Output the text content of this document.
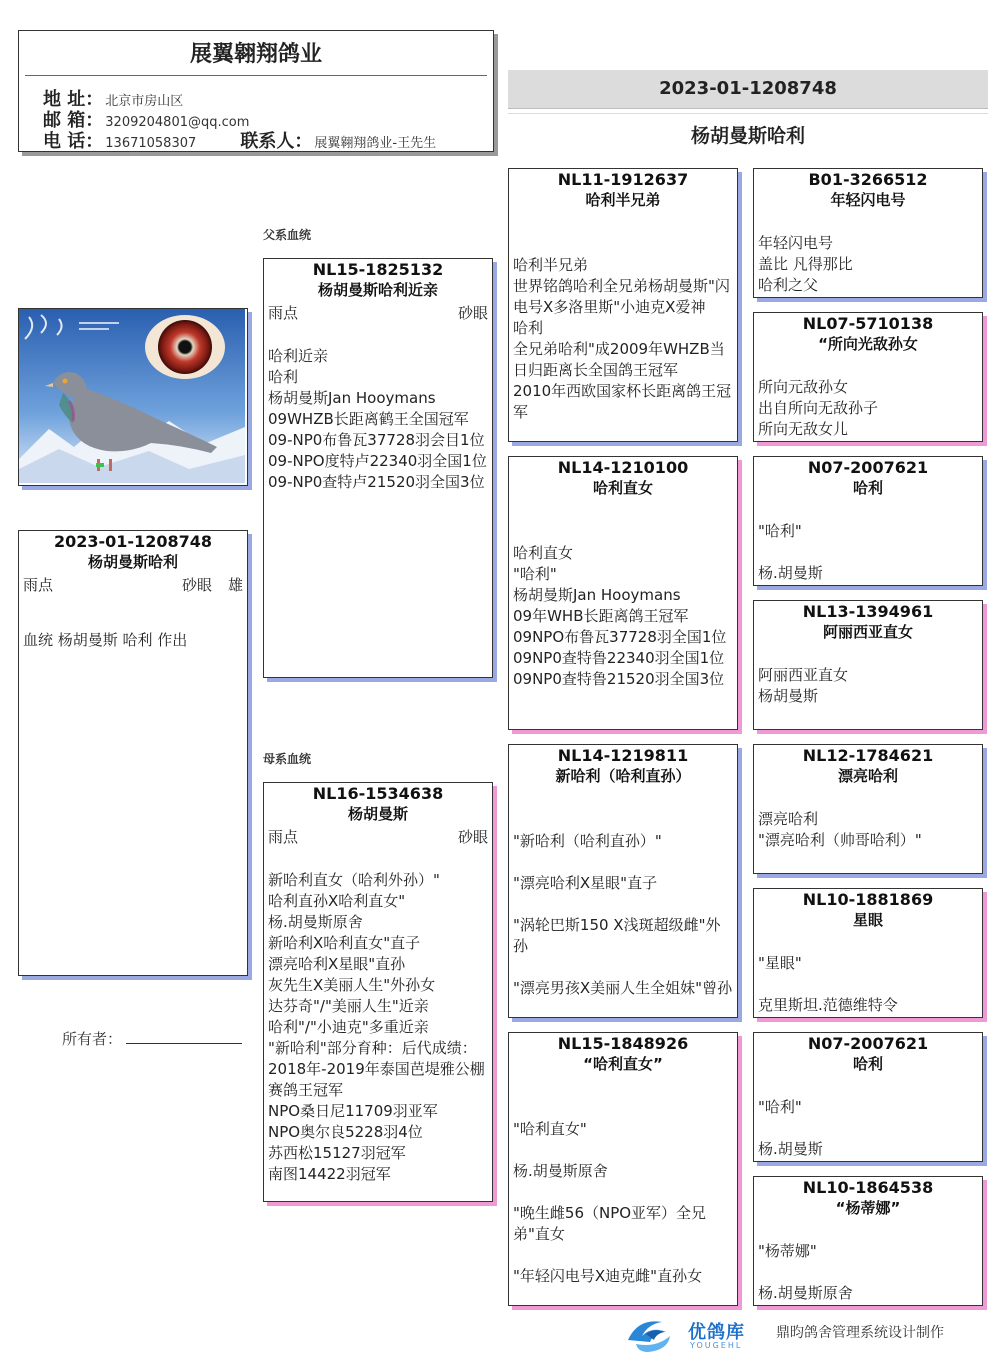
展翼翱翔鸽业
地 址： 北京市房山区
邮 箱： 3209204801@qq.com
电 话： 13671058307 联系人： 展翼翱翔鸽业-王先生
2023-01-1208748
杨胡曼斯哈利
父系血统
母系血统
2023-01-1208748
杨胡曼斯哈利
雨点	砂眼 雄
血统 杨胡曼斯 哈利 作出
NL15-1825132
杨胡曼斯哈利近亲
雨点	砂眼
哈利近亲
哈利
杨胡曼斯Jan Hooymans
09WHZB长距离鹤王全国冠军
09-NP0布鲁瓦37728羽会目1位
09-NPO度特卢22340羽全国1位09-NP0查特卢21520羽全国3位
NL16-1534638
杨胡曼斯
雨点	砂眼
新哈利直女（哈利外孙）"
哈利直孙X哈利直女"
杨.胡曼斯原舍
新哈利X哈利直女"直子
漂亮哈利X星眼"直孙
灰先生X美丽人生"外孙女
达芬奇"/"美丽人生"近亲
哈利"/"小迪克"多重近亲
"新哈利"部分育种：后代成绩：2018年-2019年泰国芭堤雅公棚赛鸽王冠军
NPO桑日尼11709羽亚军
NPO奥尔良5228羽4位
苏西松15127羽冠军
南图14422羽冠军
NL11-1912637
哈利半兄弟
哈利半兄弟
世界铭鸽哈利全兄弟杨胡曼斯"闪电号X多洛里斯"小迪克X爱神
哈利
全兄弟哈利"成2009年WHZB当日归距离长全国鸽王冠军
2010年西欧国家杯长距离鸽王冠军
NL14-1210100
哈利直女
哈利直女
"哈利"
杨胡曼斯Jan Hooymans
09年WHB长距离鸽王冠军
09NPO布鲁瓦37728羽全国1位
09NP0查特鲁22340羽全国1位
09NP0查特鲁21520羽全国3位
NL14-1219811
新哈利（哈利直孙）
"新哈利（哈利直孙）"

"漂亮哈利X星眼"直子

"涡轮巴斯150 X浅斑超级雌"外孙

"漂亮男孩X美丽人生全姐妹"曾孙
NL15-1848926
“哈利直女”
"哈利直女"

杨.胡曼斯原舍

"晚生雌56（NPO亚军）全兄弟"直女

"年轻闪电号X迪克雌"直孙女
B01-3266512
年轻闪电号
年轻闪电号
盖比 凡得那比
哈利之父
NL07-5710138
“所向光敌孙女
所向元敌孙女
出自所向无敌孙子
所向无敌女儿
N07-2007621
哈利
"哈利"

杨.胡曼斯
NL13-1394961
阿丽西亚直女
阿丽西亚直女
杨胡曼斯
NL12-1784621
漂亮哈利
漂亮哈利
"漂亮哈利（帅哥哈利）"
NL10-1881869
星眼
"星眼"

克里斯坦.范德维特令
N07-2007621
哈利
"哈利"

杨.胡曼斯
NL10-1864538
“杨蒂娜”
"杨蒂娜"

杨.胡曼斯原舍
所有者：
优鸽库
YOUGEHL
鼎昀鸽舍管理系统设计制作
